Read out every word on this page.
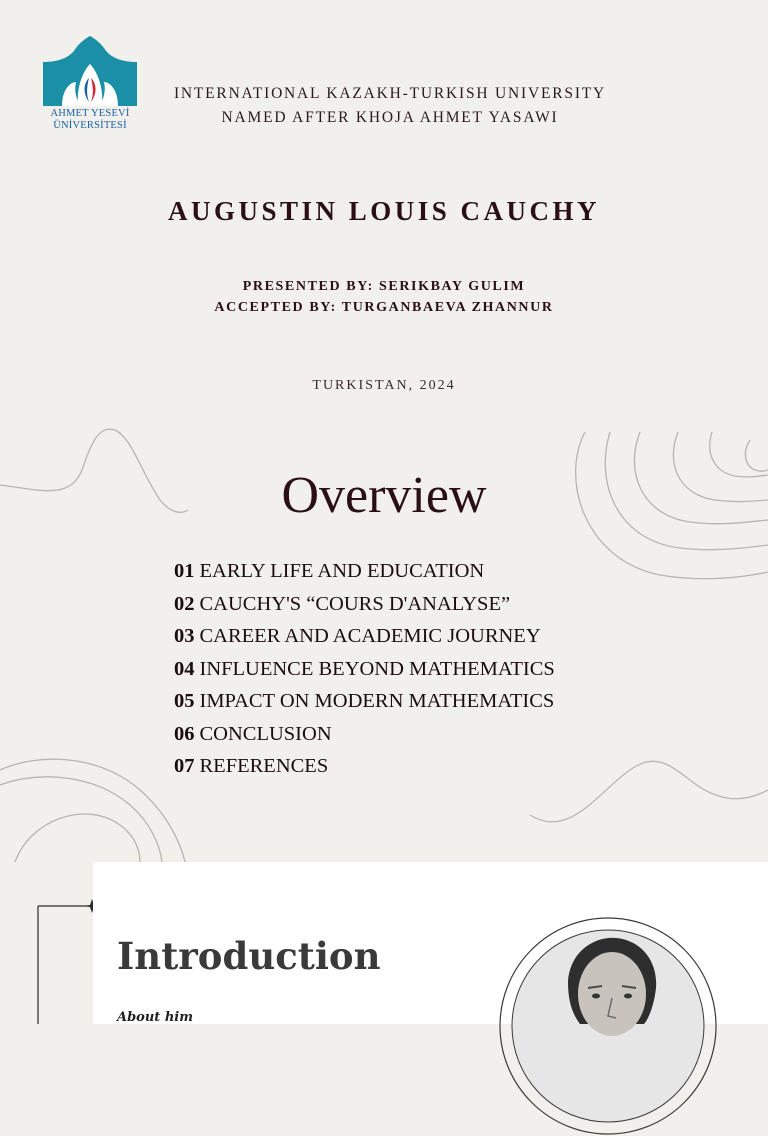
AHMET YESEVİ
ÜNİVERSİTESİ
INTERNATIONAL KAZAKH-TURKISH UNIVERSITY
NAMED AFTER KHOJA AHMET YASAWI
AUGUSTIN LOUIS CAUCHY
PRESENTED BY: SERIKBAY GULIM
ACCEPTED BY: TURGANBAEVA ZHANNUR
TURKISTAN, 2024
Overview
01 EARLY LIFE AND EDUCATION
02 CAUCHY'S “COURS D'ANALYSE”
03 CAREER AND ACADEMIC JOURNEY
04 INFLUENCE BEYOND MATHEMATICS
05 IMPACT ON MODERN MATHEMATICS
06 CONCLUSION
07 REFERENCES
Introduction
About him
